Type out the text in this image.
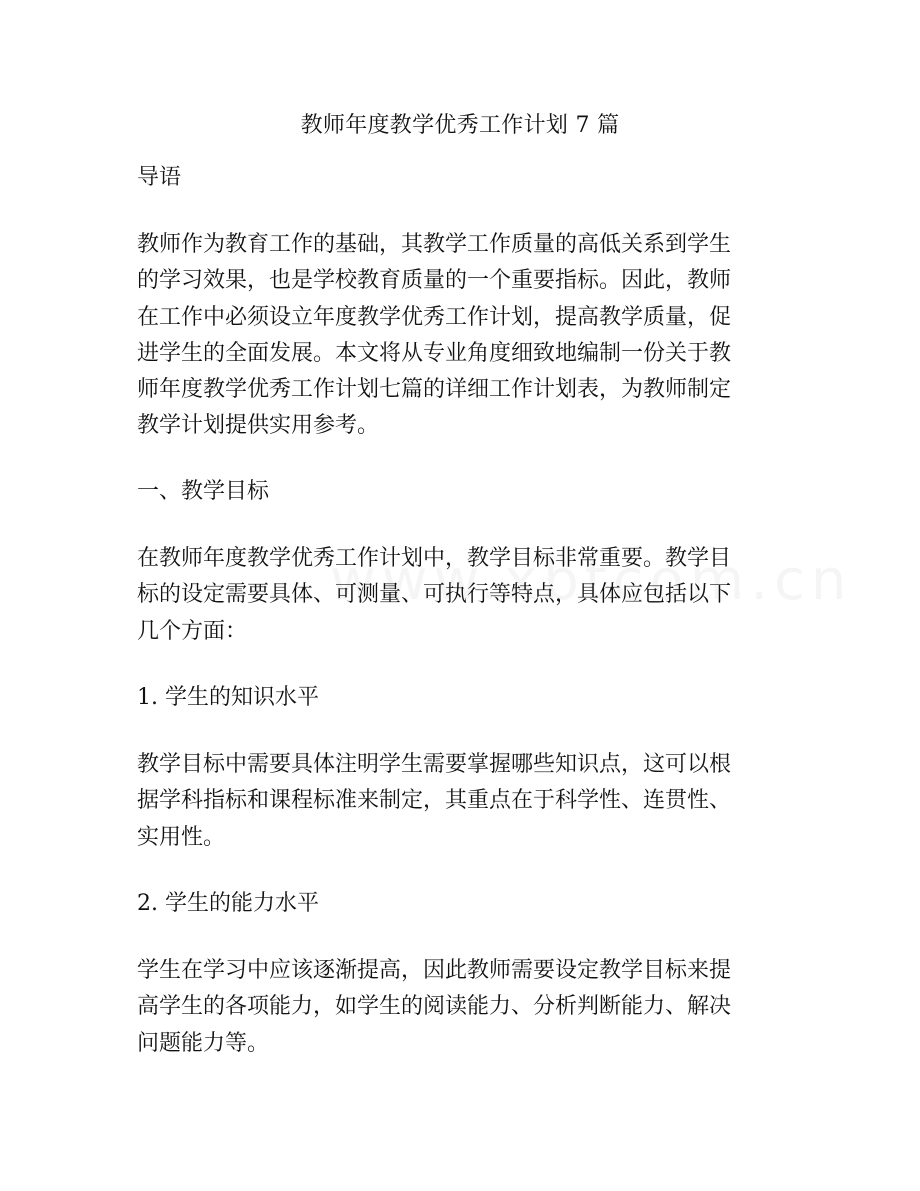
教师年度教学优秀工作计划 7 篇
导语
教师作为教育工作的基础，其教学工作质量的高低关系到学生
的学习效果，也是学校教育质量的一个重要指标。因此，教师
在工作中必须设立年度教学优秀工作计划，提高教学质量，促
进学生的全面发展。本文将从专业角度细致地编制一份关于教
师年度教学优秀工作计划七篇的详细工作计划表，为教师制定
教学计划提供实用参考。
一、教学目标
在教师年度教学优秀工作计划中，教学目标非常重要。教学目
标的设定需要具体、可测量、可执行等特点，具体应包括以下
几个方面：
1. 学生的知识水平
教学目标中需要具体注明学生需要掌握哪些知识点，这可以根
据学科指标和课程标准来制定，其重点在于科学性、连贯性、
实用性。
2. 学生的能力水平
学生在学习中应该逐渐提高，因此教师需要设定教学目标来提
高学生的各项能力，如学生的阅读能力、分析判断能力、解决
问题能力等。
